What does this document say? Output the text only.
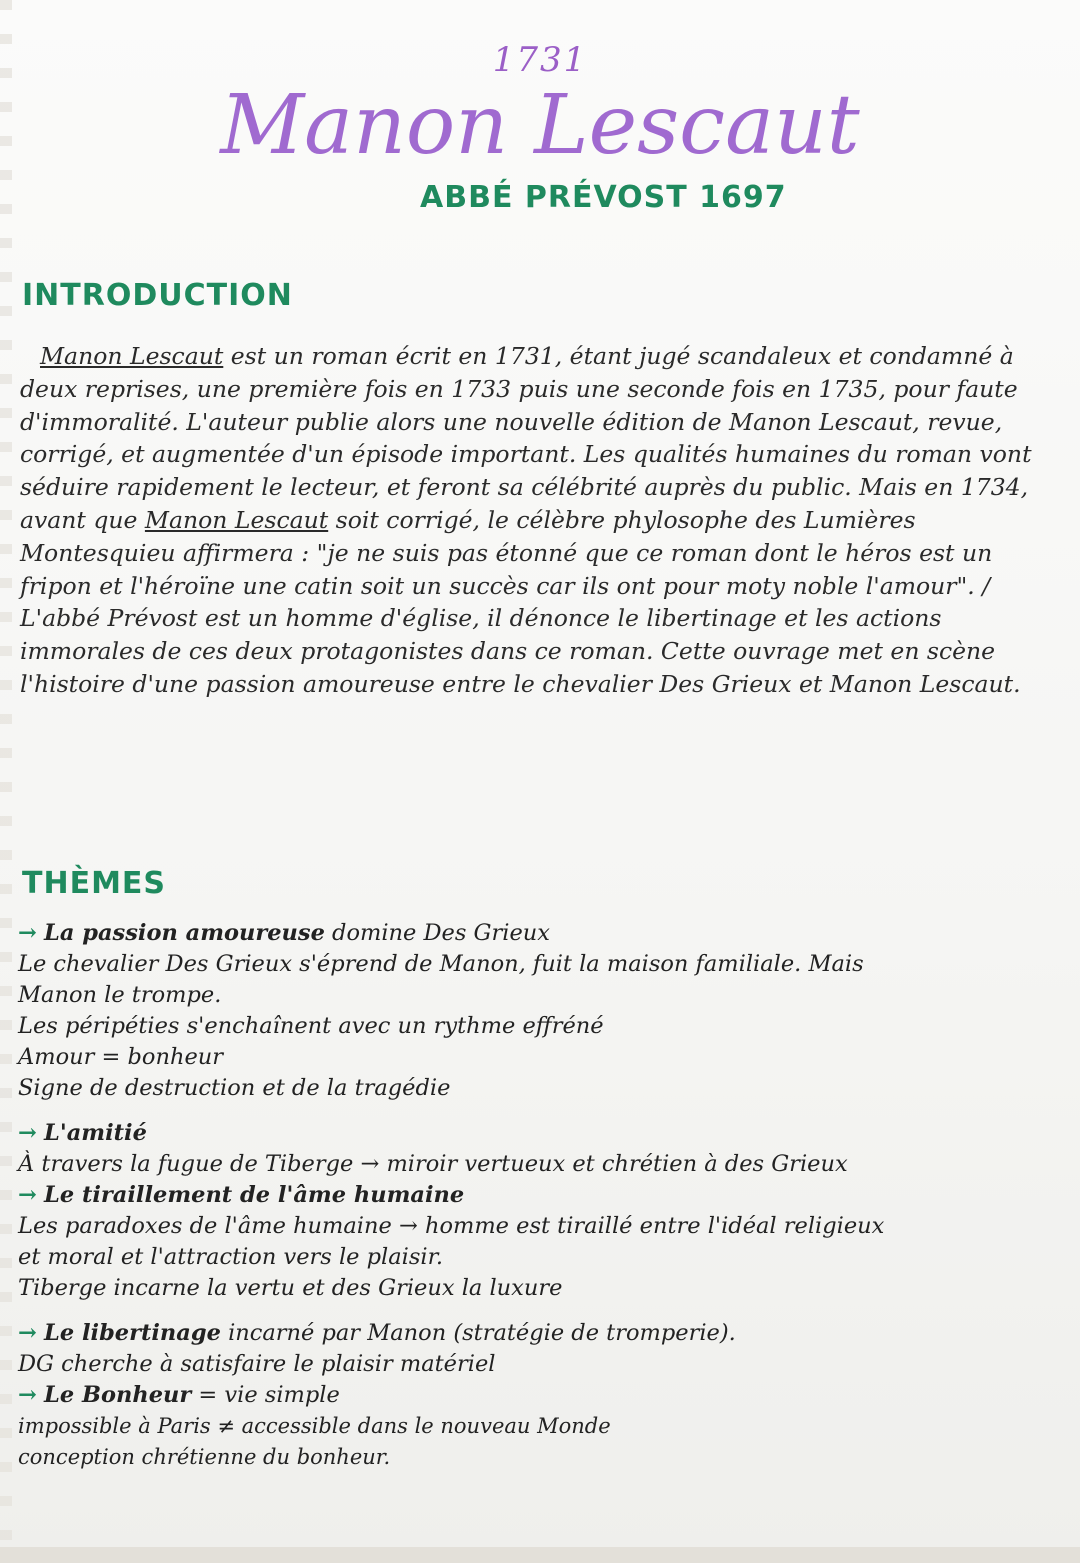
1731
Manon Lescaut
ABBÉ PRÉVOST 1697
INTRODUCTION
Manon Lescaut est un roman écrit en 1731, étant jugé scandaleux et condamné à deux reprises, une première fois en 1733 puis une seconde fois en 1735, pour faute d'immoralité. L'auteur publie alors une nouvelle édition de Manon Lescaut, revue, corrigé, et augmentée d'un épisode important. Les qualités humaines du roman vont séduire rapidement le lecteur, et feront sa célébrité auprès du public. Mais en 1734, avant que Manon Lescaut soit corrigé, le célèbre phylosophe des Lumières Montesquieu affirmera : "je ne suis pas étonné que ce roman dont le héros est un fripon et l'héroïne une catin soit un succès car ils ont pour moty noble l'amour". / L'abbé Prévost est un homme d'église, il dénonce le libertinage et les actions immorales de ces deux protagonistes dans ce roman. Cette ouvrage met en scène l'histoire d'une passion amoureuse entre le chevalier Des Grieux et Manon Lescaut.
THÈMES
→ La passion amoureuse domine Des Grieux
Le chevalier Des Grieux s'éprend de Manon, fuit la maison familiale. Mais
Manon le trompe.
Les péripéties s'enchaînent avec un rythme effréné
Amour = bonheur
Signe de destruction et de la tragédie
→ L'amitié
À travers la fugue de Tiberge → miroir vertueux et chrétien à des Grieux
→ Le tiraillement de l'âme humaine
Les paradoxes de l'âme humaine → homme est tiraillé entre l'idéal religieux
et moral et l'attraction vers le plaisir.
Tiberge incarne la vertu et des Grieux la luxure
→ Le libertinage incarné par Manon (stratégie de tromperie).
DG cherche à satisfaire le plaisir matériel
→ Le Bonheur = vie simple
impossible à Paris ≠ accessible dans le nouveau Monde
conception chrétienne du bonheur.
